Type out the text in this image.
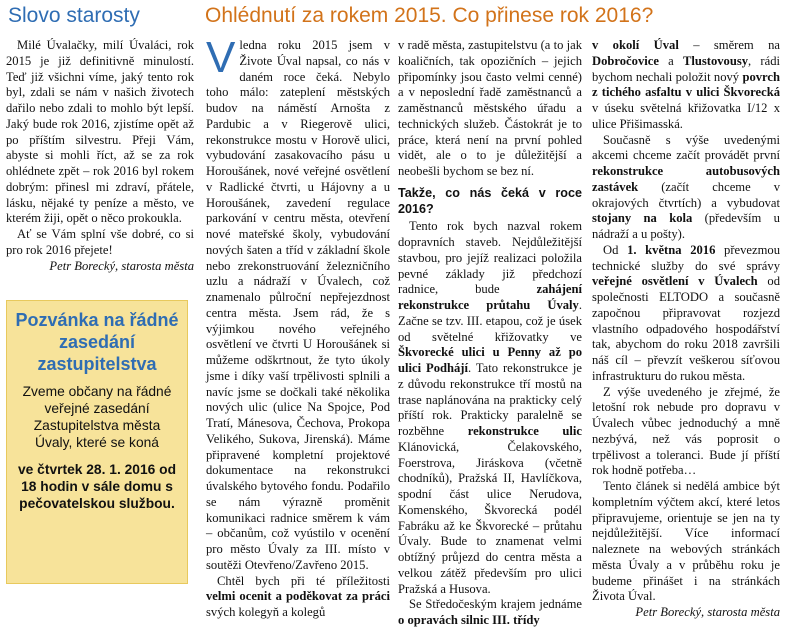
Slovo starosty	Ohlédnutí za rokem 2015. Co přinese rok 2016?

Milé Úvalačky, milí Úvaláci, rok 2015 je již definitivně minulostí. Teď již všichni víme, jaký tento rok byl, zdali se nám v našich životech dařilo nebo zdali to mohlo být lepší. Jaký bude rok 2016, zjistíme opět až po příštím silvestru. Přeji Vám, abyste si mohli říct, až se za rok ohlédnete zpět – rok 2016 byl rokem dobrým: přinesl mi zdraví, přátele, lásku, nějaké ty peníze a město, ve kterém žiji, opět o něco prokoukla.

Ať se Vám splní vše dobré, co si pro rok 2016 přejete!

Petr Borecký, starosta města

Pozvánka na řádné zasedání zastupitelstva
Zveme občany na řádné veřejné zasedání Zastupitelstva města Úvaly, které se koná
ve čtvrtek 28. 1. 2016 od 18 hodin v sále domu s pečovatelskou službou.

Vledna roku 2015 jsem v Živote Úval napsal, co nás v daném roce čeká. Nebylo toho málo: zateplení městských budov na náměstí Arnošta z Pardubic a v Riegerově ulici, rekonstrukce mostu v Horově ulici, vybudování zasakovacího pásu u Horoušánek, nové veřejné osvětlení v Radlické čtvrti, u Hájovny a u Horoušánek, zavedení regulace parkování v centru města, otevření nové mateřské školy, vybudování nových šaten a tříd v základní škole nebo zrekonstruování železničního uzlu a nádraží v Úvalech, což znamenalo půlroční nepřejezdnost centra města. Jsem rád, že s výjimkou nového veřejného osvětlení ve čtvrti U Horoušánek si můžeme odškrtnout, že tyto úkoly jsme i díky vaší trpělivosti splnili a navíc jsme se dočkali také několika nových ulic (ulice Na Spojce, Pod Tratí, Mánesova, Čechova, Prokopa Velikého, Sukova, Jirenská). Máme připravené kompletní projektové dokumentace na rekonstrukci úvalského bytového fondu. Podařilo se nám výrazně proměnit komunikaci radnice směrem k vám – občanům, což vyústilo v ocenění pro město Úvaly za III. místo v soutěži Otevřeno/Zavřeno 2015.

Chtěl bych při té příležitosti velmi ocenit a poděkovat za práci svých kolegyň a kolegů

v radě města, zastupitelstvu (a to jak koaličních, tak opozičních – jejich připomínky jsou často velmi cenné) a v neposlední řadě zaměstnanců a zaměstnanců městského úřadu a technických služeb. Částokrát je to práce, která není na první pohled vidět, ale o to je důležitější a neobešli bychom se bez ní.

Takže, co nás čeká v roce 2016?

Tento rok bych nazval rokem dopravních staveb. Nejdůležitější stavbou, pro jejíž realizaci položila pevné základy již předchozí radnice, bude	zahájení rekonstrukce průtahu Úvaly. Začne se tzv. III. etapou, což je úsek od světelné křižovatky ve Škvorecké ulici u Penny až po ulici Podhájí. Tato rekonstrukce je z důvodu rekonstrukce tří mostů na trase naplánována na prakticky celý příští rok. Prakticky paralelně se rozběhne rekonstrukce ulic Klánovická, Čelakovského, Foerstrova, Jiráskova (včetně chodníků), Pražská II, Havlíčkova, spodní část ulice Nerudova, Komenského, Škvorecká podél Fabráku až ke Škvorecké – průtahu Úvaly. Bude to znamenat velmi obtížný průjezd do centra města a velkou zátěž především pro ulici Pražská a Husova.

Se Středočeským krajem jednáme o opravách silnic III. třídy

v okolí Úval – směrem na Dobročovice a Tlustovousy, rádi bychom nechali položit nový povrch z tichého asfaltu v ulici Škvorecká v úseku světelná křižovatka I/12 x ulice Přišimasská.

Současně s výše uvedenými akcemi chceme začít provádět první rekonstrukce autobusových zastávek (začít chceme v okrajových čtvrtích) a vybudovat stojany na kola (především u nádraží a u pošty).

Od 1. května 2016 převezmou technické služby do své správy veřejné osvětlení v Úvalech od společnosti ELTODO a současně započnou připravovat rozjezd vlastního odpadového hospodářství tak, abychom do roku 2018 završili náš cíl – převzít veškerou síťovou infrastrukturu do rukou města.

Z výše uvedeného je zřejmé, že letošní rok nebude pro dopravu v Úvalech vůbec jednoduchý a mně nezbývá, než vás poprosit o trpělivost a toleranci. Bude jí příští rok hodně potřeba…

Tento článek si nedělá ambice být kompletním výčtem akcí, které letos připravujeme, orientuje se jen na ty nejdůležitější. Více informací naleznete na webových stránkách města Úvaly a v průběhu roku je budeme přinášet i na stránkách Života Úval.

Petr Borecký, starosta města
